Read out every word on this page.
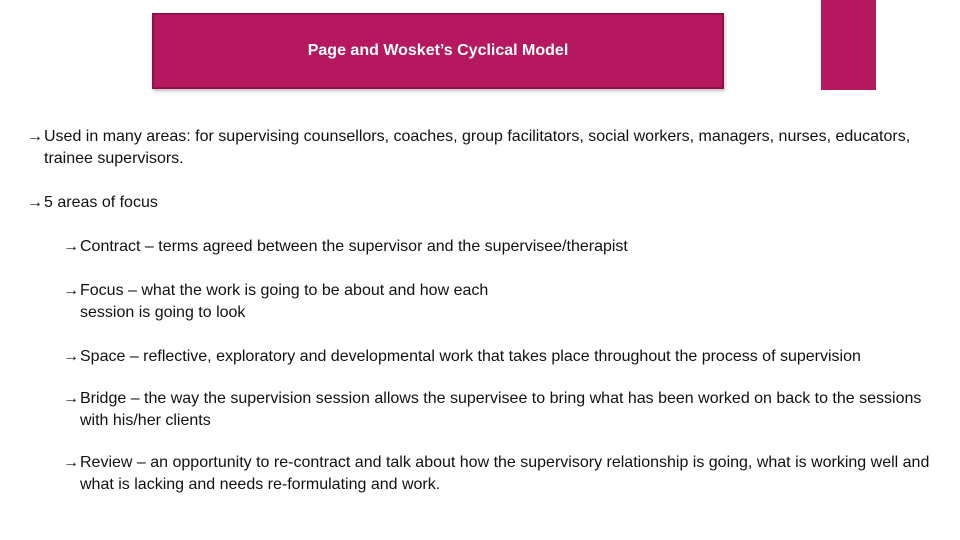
Page and Wosket’s Cyclical Model
→ Used in many areas: for supervising counsellors, coaches, group facilitators, social workers, managers, nurses, educators, trainee supervisors.
→ 5 areas of focus
→ Contract – terms agreed between the supervisor and the supervisee/therapist
→ Focus – what the work is going to be about and how each session is going to look
→ Space – reflective, exploratory and developmental work that takes place throughout the process of supervision
→ Bridge – the way the supervision session allows the supervisee to bring what has been worked on back to the sessions with his/her clients
→ Review – an opportunity to re-contract and talk about how the supervisory relationship is going, what is working well and what is lacking and needs re-formulating and work.
